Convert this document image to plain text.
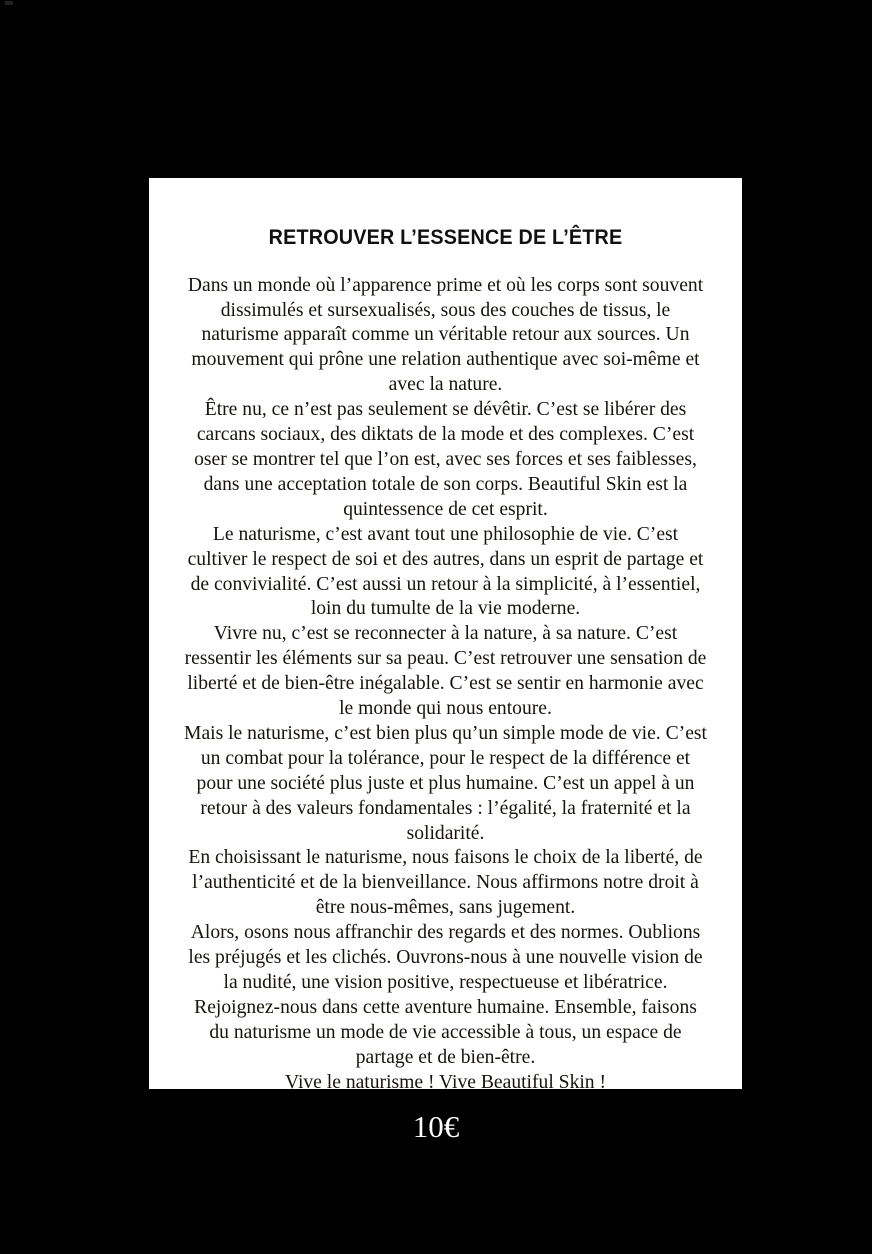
RETROUVER L’ESSENCE DE L’ÊTRE

Dans un monde où l’apparence prime et où les corps sont souvent dissimulés et sursexualisés, sous des couches de tissus, le naturisme apparaît comme un véritable retour aux sources. Un mouvement qui prône une relation authentique avec soi-même et avec la nature.

Être nu, ce n’est pas seulement se dévêtir. C’est se libérer des carcans sociaux, des diktats de la mode et des complexes. C’est oser se montrer tel que l’on est, avec ses forces et ses faiblesses, dans une acceptation totale de son corps. Beautiful Skin est la quintessence de cet esprit.

Le naturisme, c’est avant tout une philosophie de vie. C’est cultiver le respect de soi et des autres, dans un esprit de partage et de convivialité. C’est aussi un retour à la simplicité, à l’essentiel, loin du tumulte de la vie moderne.

Vivre nu, c’est se reconnecter à la nature, à sa nature. C’est ressentir les éléments sur sa peau. C’est retrouver une sensation de liberté et de bien-être inégalable. C’est se sentir en harmonie avec le monde qui nous entoure.

Mais le naturisme, c’est bien plus qu’un simple mode de vie. C’est un combat pour la tolérance, pour le respect de la différence et pour une société plus juste et plus humaine. C’est un appel à un retour à des valeurs fondamentales : l’égalité, la fraternité et la solidarité.

En choisissant le naturisme, nous faisons le choix de la liberté, de l’authenticité et de la bienveillance. Nous affirmons notre droit à être nous-mêmes, sans jugement.

Alors, osons nous affranchir des regards et des normes. Oublions les préjugés et les clichés. Ouvrons-nous à une nouvelle vision de la nudité, une vision positive, respectueuse et libératrice.

Rejoignez-nous dans cette aventure humaine. Ensemble, faisons du naturisme un mode de vie accessible à tous, un espace de partage et de bien-être.

Vive le naturisme ! Vive Beautiful Skin !

10€
